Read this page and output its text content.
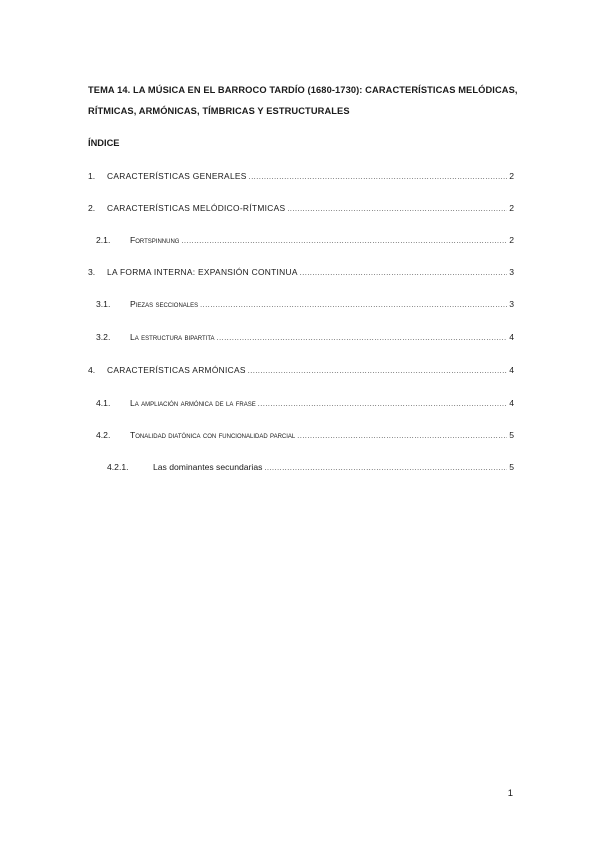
TEMA 14. LA MÚSICA EN EL BARROCO TARDÍO (1680-1730): CARACTERÍSTICAS MELÓDICAS, RÍTMICAS, ARMÓNICAS, TÍMBRICAS Y ESTRUCTURALES
ÍNDICE
1.	CARACTERÍSTICAS GENERALES .....	2
2.	CARACTERÍSTICAS MELÓDICO-RÍTMICAS .....	2
2.1.	Fortspinnung .....	2
3.	LA FORMA INTERNA: EXPANSIÓN CONTINUA .....	3
3.1.	Piezas seccionales .....	3
3.2.	La estructura bipartita .....	4
4.	CARACTERÍSTICAS ARMÓNICAS .....	4
4.1.	La ampliación armónica de la frase .....	4
4.2.	Tonalidad diatónica con funcionalidad parcial .....	5
4.2.1.	Las dominantes secundarias .....	5
1
